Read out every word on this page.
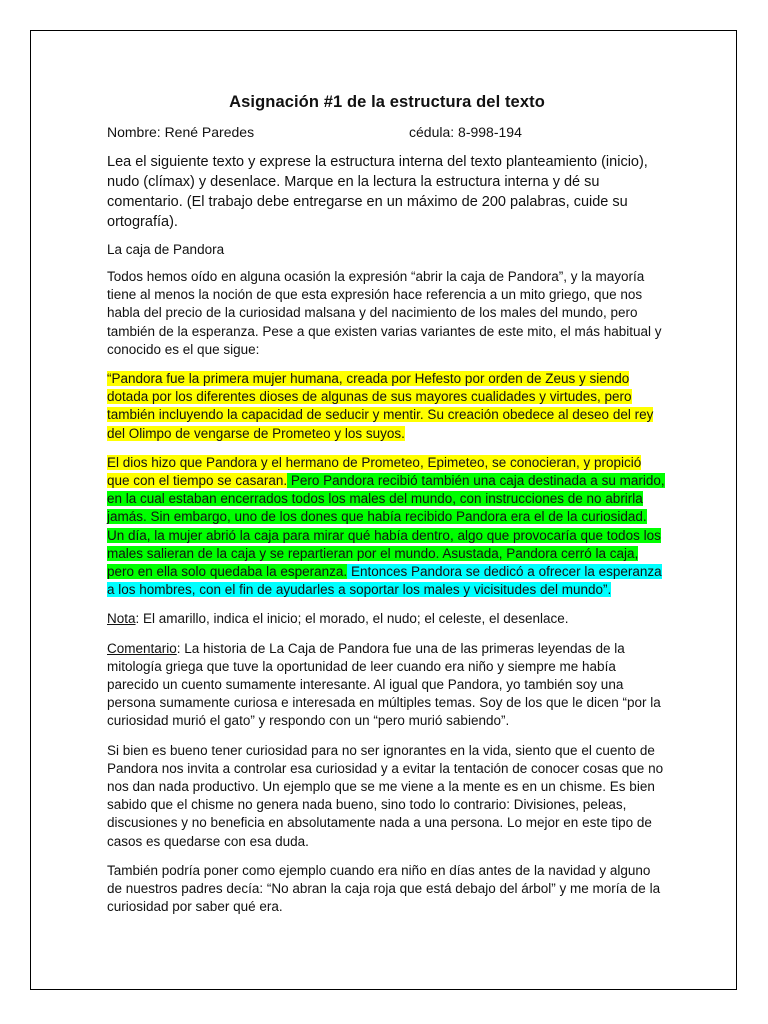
Asignación #1 de la estructura del texto
Nombre: René Paredes	cédula: 8-998-194

Lea el siguiente texto y exprese la estructura interna del texto planteamiento (inicio), nudo (clímax) y desenlace. Marque en la lectura la estructura interna y dé su comentario. (El trabajo debe entregarse en un máximo de 200 palabras, cuide su ortografía).

La caja de Pandora

Todos hemos oído en alguna ocasión la expresión “abrir la caja de Pandora”, y la mayoría tiene al menos la noción de que esta expresión hace referencia a un mito griego, que nos habla del precio de la curiosidad malsana y del nacimiento de los males del mundo, pero también de la esperanza. Pese a que existen varias variantes de este mito, el más habitual y conocido es el que sigue:

“Pandora fue la primera mujer humana, creada por Hefesto por orden de Zeus y siendo dotada por los diferentes dioses de algunas de sus mayores cualidades y virtudes, pero también incluyendo la capacidad de seducir y mentir. Su creación obedece al deseo del rey del Olimpo de vengarse de Prometeo y los suyos.

El dios hizo que Pandora y el hermano de Prometeo, Epimeteo, se conocieran, y propició que con el tiempo se casaran. Pero Pandora recibió también una caja destinada a su marido, en la cual estaban encerrados todos los males del mundo, con instrucciones de no abrirla jamás. Sin embargo, uno de los dones que había recibido Pandora era el de la curiosidad. Un día, la mujer abrió la caja para mirar qué había dentro, algo que provocaría que todos los males salieran de la caja y se repartieran por el mundo. Asustada, Pandora cerró la caja, pero en ella solo quedaba la esperanza. Entonces Pandora se dedicó a ofrecer la esperanza a los hombres, con el fin de ayudarles a soportar los males y vicisitudes del mundo”.

Nota: El amarillo, indica el inicio; el morado, el nudo; el celeste, el desenlace.

Comentario: La historia de La Caja de Pandora fue una de las primeras leyendas de la mitología griega que tuve la oportunidad de leer cuando era niño y siempre me había parecido un cuento sumamente interesante. Al igual que Pandora, yo también soy una persona sumamente curiosa e interesada en múltiples temas. Soy de los que le dicen “por la curiosidad murió el gato” y respondo con un “pero murió sabiendo”.

Si bien es bueno tener curiosidad para no ser ignorantes en la vida, siento que el cuento de Pandora nos invita a controlar esa curiosidad y a evitar la tentación de conocer cosas que no nos dan nada productivo. Un ejemplo que se me viene a la mente es en un chisme. Es bien sabido que el chisme no genera nada bueno, sino todo lo contrario: Divisiones, peleas, discusiones y no beneficia en absolutamente nada a una persona. Lo mejor en este tipo de casos es quedarse con esa duda.

También podría poner como ejemplo cuando era niño en días antes de la navidad y alguno de nuestros padres decía: “No abran la caja roja que está debajo del árbol” y me moría de la curiosidad por saber qué era.
